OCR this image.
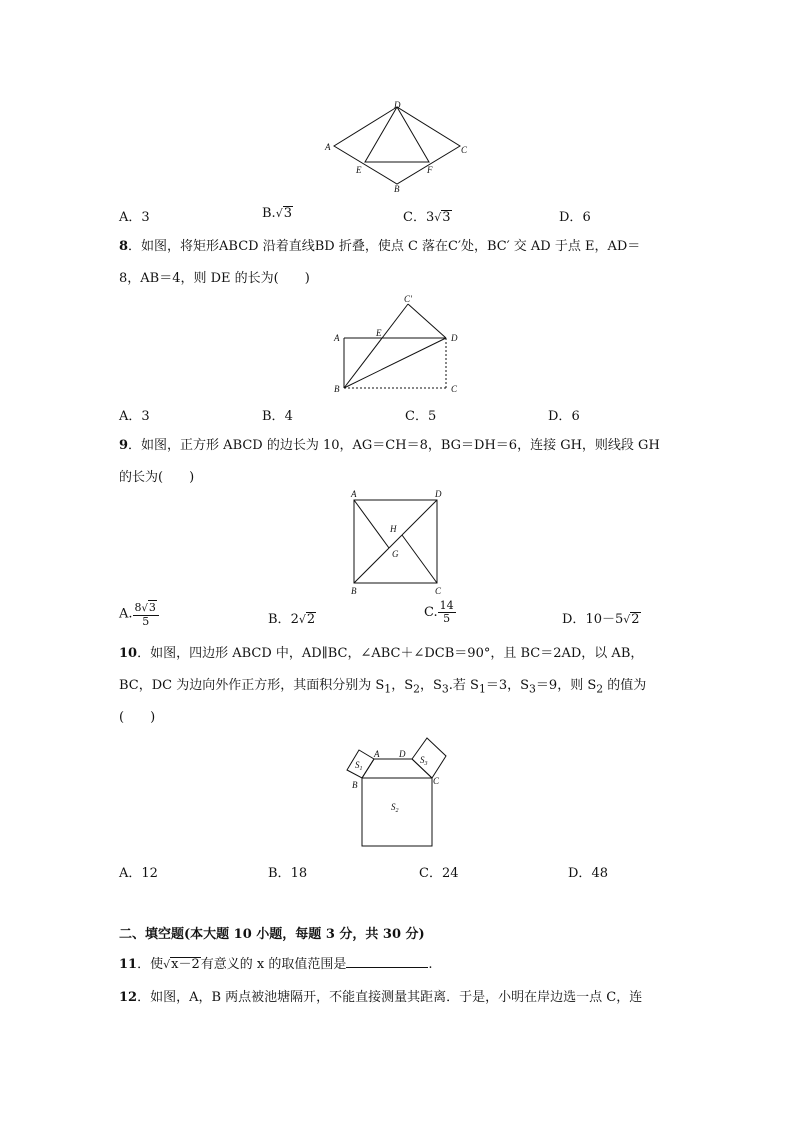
D
A	C
E	F
B
A．3	B.√3	C．3√3	D．6
8．如图，将矩形ABCD 沿着直线BD 折叠，使点 C 落在C′处，BC′ 交 AD 于点 E，AD＝
8，AB＝4，则 DE 的长为(　　)
C′
A	E	D
B	C
A．3	B．4	C．5	D．6
9．如图，正方形 ABCD 的边长为 10，AG＝CH＝8，BG＝DH＝6，连接 GH，则线段 GH
的长为(　　)
A	D
H
G
B	C
A. $\frac{8√3}{5}$	B．2√2	C. $\frac{14}{5}$	D．10－5√2
10．如图，四边形 ABCD 中，AD∥BC，∠ABC＋∠DCB＝90°，且 BC＝2AD，以 AB，
BC，DC 为边向外作正方形，其面积分别为 $S_1$，$S_2$，$S_3$.若 $S_1=3$，$S_3=9$，则 $S_2$ 的值为
(　　)
A D
B	C
$S_1$
$S_3$
$S_2$
A．12	B．18	C．24	D．48
二、填空题(本大题 10 小题，每题 3 分，共 30 分)
11．使√x－2有意义的 x 的取值范围是	.
12．如图，A，B 两点被池塘隔开，不能直接测量其距离．于是，小明在岸边选一点 C，连
